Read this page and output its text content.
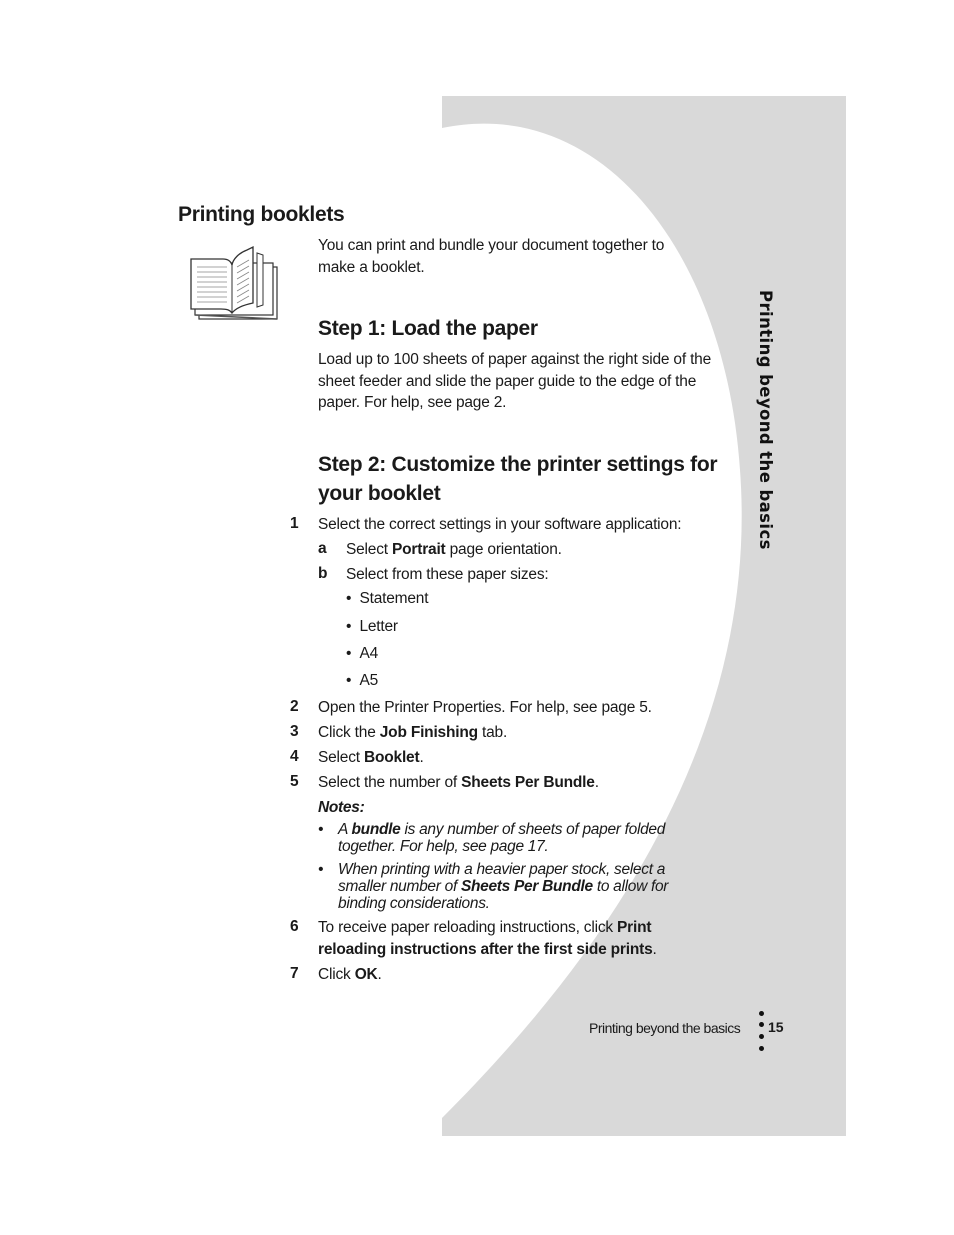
Printing booklets
You can print and bundle your document together to make a booklet.
Step 1: Load the paper
Load up to 100 sheets of paper against the right side of the sheet feeder and slide the paper guide to the edge of the paper. For help, see page 2.
Step 2: Customize the printer settings for
your booklet
1 Select the correct settings in your software application:
a Select Portrait page orientation.
b Select from these paper sizes:
•  Statement
•  Letter
•  A4
•  A5
2 Open the Printer Properties. For help, see page 5.
3 Click the Job Finishing tab.
4 Select Booklet.
5 Select the number of Sheets Per Bundle.
Notes:
• A bundle is any number of sheets of paper folded
together. For help, see page 17.
• When printing with a heavier paper stock, select a
smaller number of Sheets Per Bundle to allow for
binding considerations.
6 To receive paper reloading instructions, click Print
reloading instructions after the first side prints.
7 Click OK.
Printing beyond the basics
Printing beyond the basics 15
